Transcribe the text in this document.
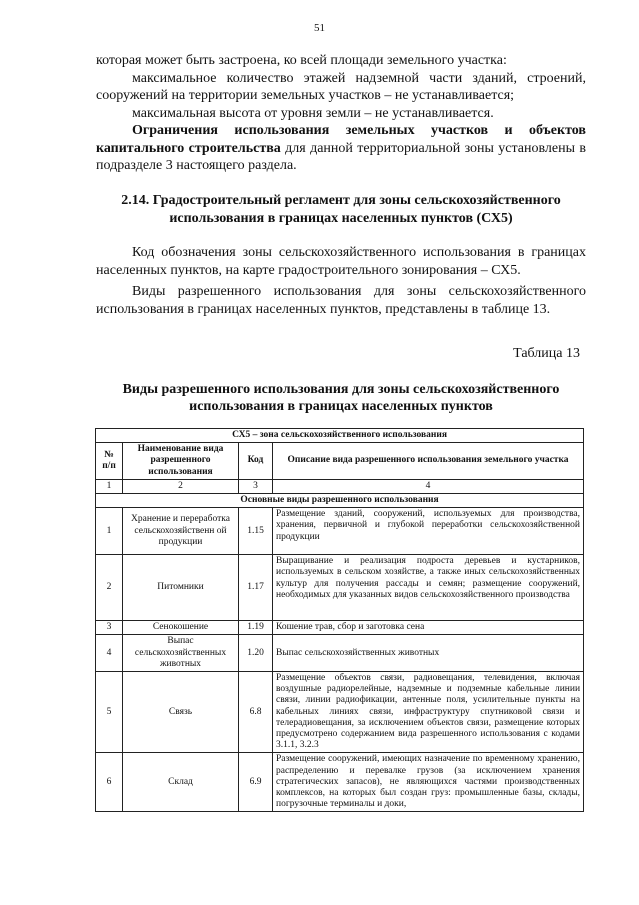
51

которая может быть застроена, ко всей площади земельного участка:

максимальное количество этажей надземной части зданий, строений, сооружений на территории земельных участков – не устанавливается;

максимальная высота от уровня земли – не устанавливается.

Ограничения использования земельных участков и объектов капитального строительства для данной территориальной зоны установлены в подразделе 3 настоящего раздела.

2.14. Градостроительный регламент для зоны сельскохозяйственного использования в границах населенных пунктов (СХ5)

Код обозначения зоны сельскохозяйственного использования в границах населенных пунктов, на карте градостроительного зонирования – СХ5.

Виды разрешенного использования для зоны сельскохозяйственного использования в границах населенных пунктов, представлены в таблице 13.

Таблица 13
Виды разрешенного использования для зоны сельскохозяйственного использования в границах населенных пунктов
СХ5 – зона сельскохозяйственного использования			
№ п/п	Наименование вида разрешенного использования	Код	Описание вида разрешенного использования земельного участка
1	2	3	4
Основные виды разрешенного использования			
1	Хранение и переработка сельскохозяйственн ой продукции	1.15	Размещение зданий, сооружений, используемых для производства, хранения, первичной и глубокой переработки сельскохозяйственной продукции
2	Питомники	1.17	Выращивание и реализация подроста деревьев и кустарников, используемых в сельском хозяйстве, а также иных сельскохозяйственных культур для получения рассады и семян; размещение сооружений, необходимых для указанных видов сельскохозяйственного производства
3	Сенокошение	1.19	Кошение трав, сбор и заготовка сена
4	Выпас сельскохозяйственных животных	1.20	Выпас сельскохозяйственных животных
5	Связь	6.8	Размещение объектов связи, радиовещания, телевидения, включая воздушные радиорелейные, надземные и подземные кабельные линии связи, линии радиофикации, антенные поля, усилительные пункты на кабельных линиях связи, инфраструктуру спутниковой связи и телерадиовещания, за исключением объектов связи, размещение которых предусмотрено содержанием вида разрешенного использования с кодами 3.1.1, 3.2.3
6	Склад	6.9	Размещение сооружений, имеющих назначение по временному хранению, распределению и перевалке грузов (за исключением хранения стратегических запасов), не являющихся частями производственных комплексов, на которых был создан груз: промышленные базы, склады, погрузочные терминалы и доки,
